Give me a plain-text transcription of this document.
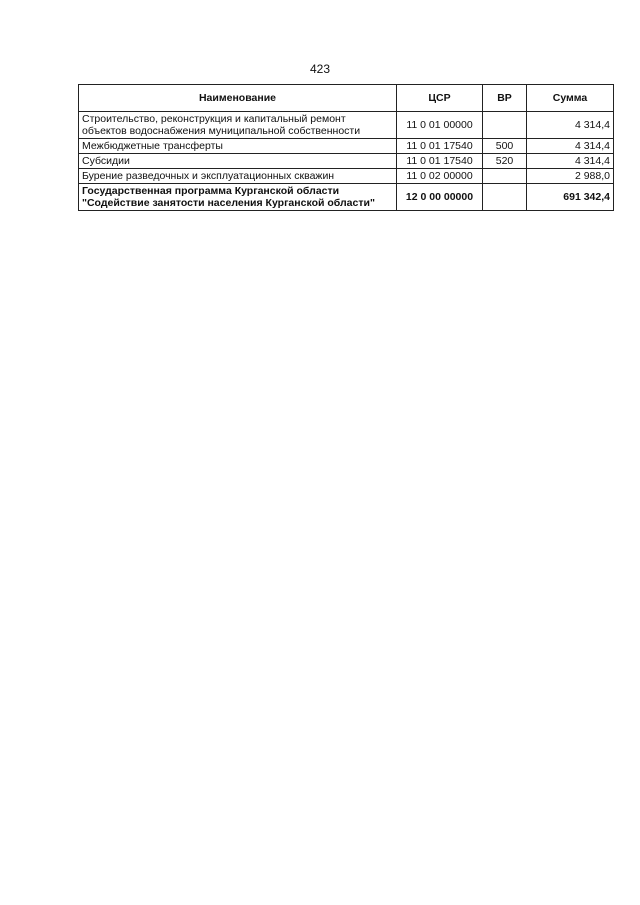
423
Наименование	ЦСР	ВР	Сумма
Строительство, реконструкция и капитальный ремонт объектов водоснабжения муниципальной собственности	11 0 01 00000		4 314,4
Межбюджетные трансферты	11 0 01 17540	500	4 314,4
Субсидии	11 0 01 17540	520	4 314,4
Бурение разведочных и эксплуатационных скважин	11 0 02 00000		2 988,0
Государственная программа Курганской области "Содействие занятости населения Курганской области"	12 0 00 00000		691 342,4
